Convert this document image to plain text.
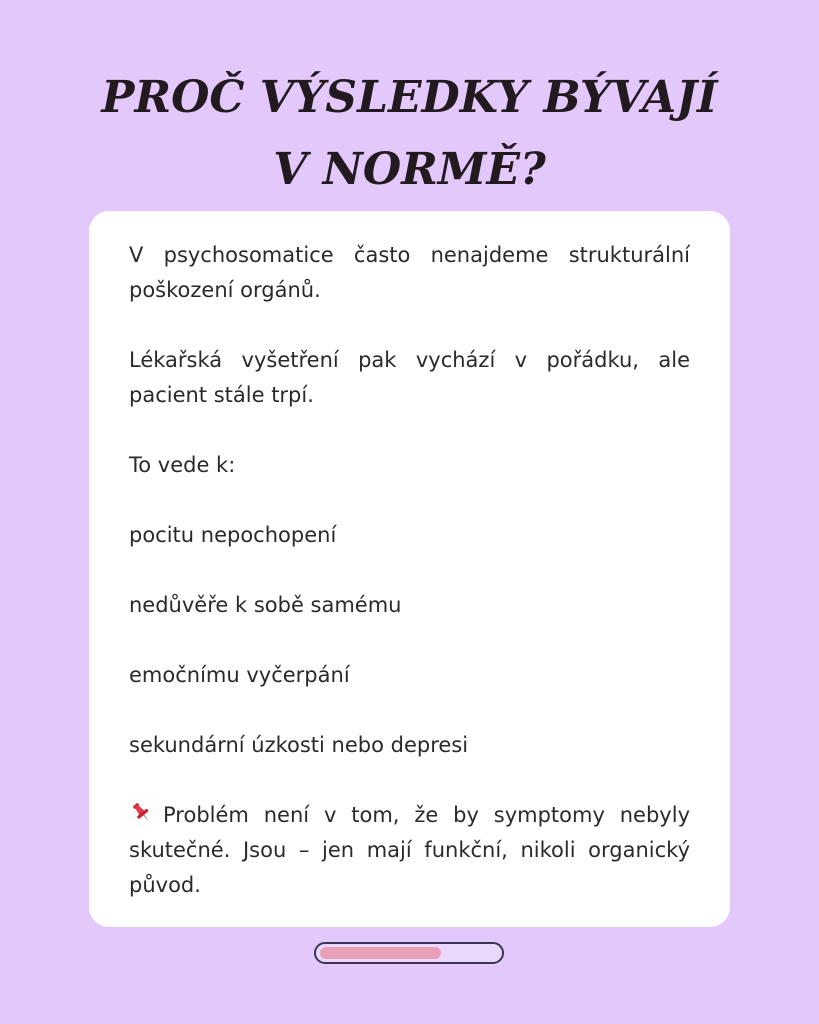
PROČ VÝSLEDKY BÝVAJÍ
V NORMĚ?

V psychosomatice často nenajdeme strukturální poškození orgánů.

Lékařská vyšetření pak vychází v pořádku, ale pacient stále trpí.

To vede k:

pocitu nepochopení

nedůvěře k sobě samému

emočnímu vyčerpání

sekundární úzkosti nebo depresi

Problém není v tom, že by symptomy nebyly skutečné. Jsou – jen mají funkční, nikoli organický původ.
